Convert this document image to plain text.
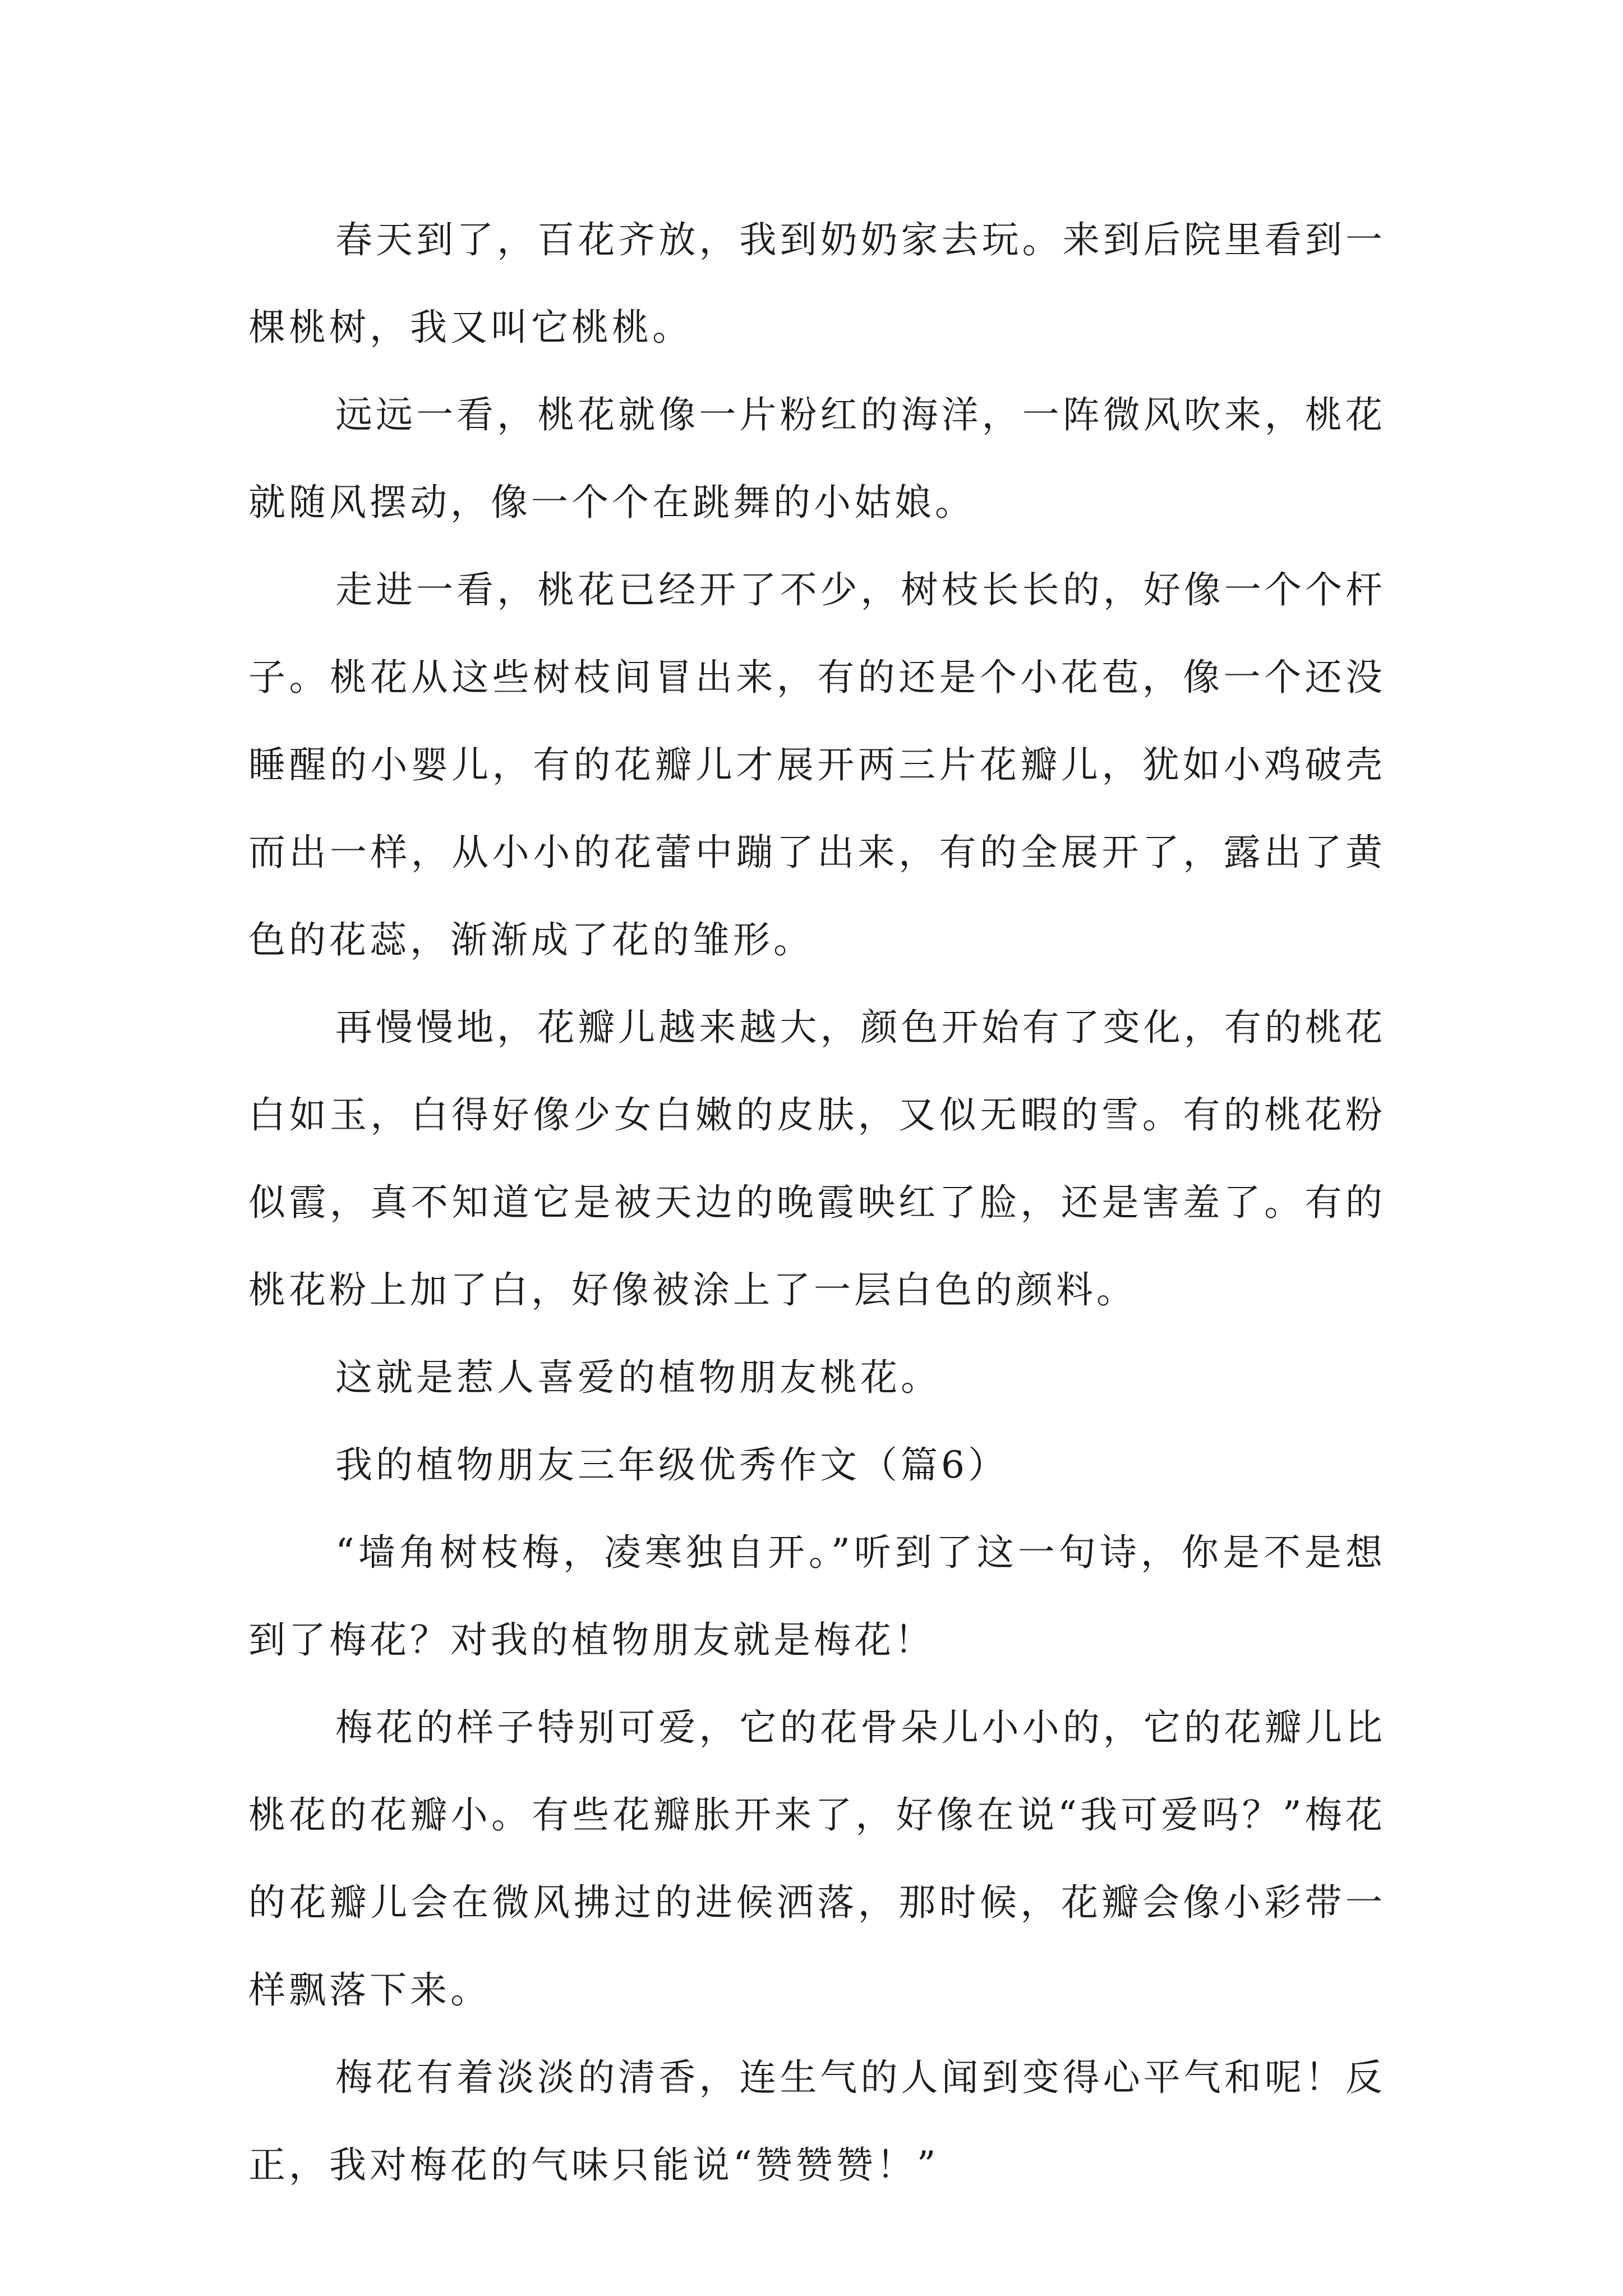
春天到了，百花齐放，我到奶奶家去玩。来到后院里看到一棵桃树，我又叫它桃桃。

远远一看，桃花就像一片粉红的海洋，一阵微风吹来，桃花就随风摆动，像一个个在跳舞的小姑娘。

走进一看，桃花已经开了不少，树枝长长的，好像一个个杆子。桃花从这些树枝间冒出来，有的还是个小花苞，像一个还没睡醒的小婴儿，有的花瓣儿才展开两三片花瓣儿，犹如小鸡破壳而出一样，从小小的花蕾中蹦了出来，有的全展开了，露出了黄色的花蕊，渐渐成了花的雏形。

再慢慢地，花瓣儿越来越大，颜色开始有了变化，有的桃花白如玉，白得好像少女白嫩的皮肤，又似无暇的雪。有的桃花粉似霞，真不知道它是被天边的晚霞映红了脸，还是害羞了。有的桃花粉上加了白，好像被涂上了一层白色的颜料。

这就是惹人喜爱的植物朋友桃花。

我的植物朋友三年级优秀作文（篇6）

“墙角树枝梅，凌寒独自开。”听到了这一句诗，你是不是想到了梅花？对我的植物朋友就是梅花！

梅花的样子特别可爱，它的花骨朵儿小小的，它的花瓣儿比桃花的花瓣小。有些花瓣胀开来了，好像在说“我可爱吗？”梅花的花瓣儿会在微风拂过的进候洒落，那时候，花瓣会像小彩带一样飘落下来。

梅花有着淡淡的清香，连生气的人闻到变得心平气和呢！反正，我对梅花的气味只能说“赞赞赞！”
